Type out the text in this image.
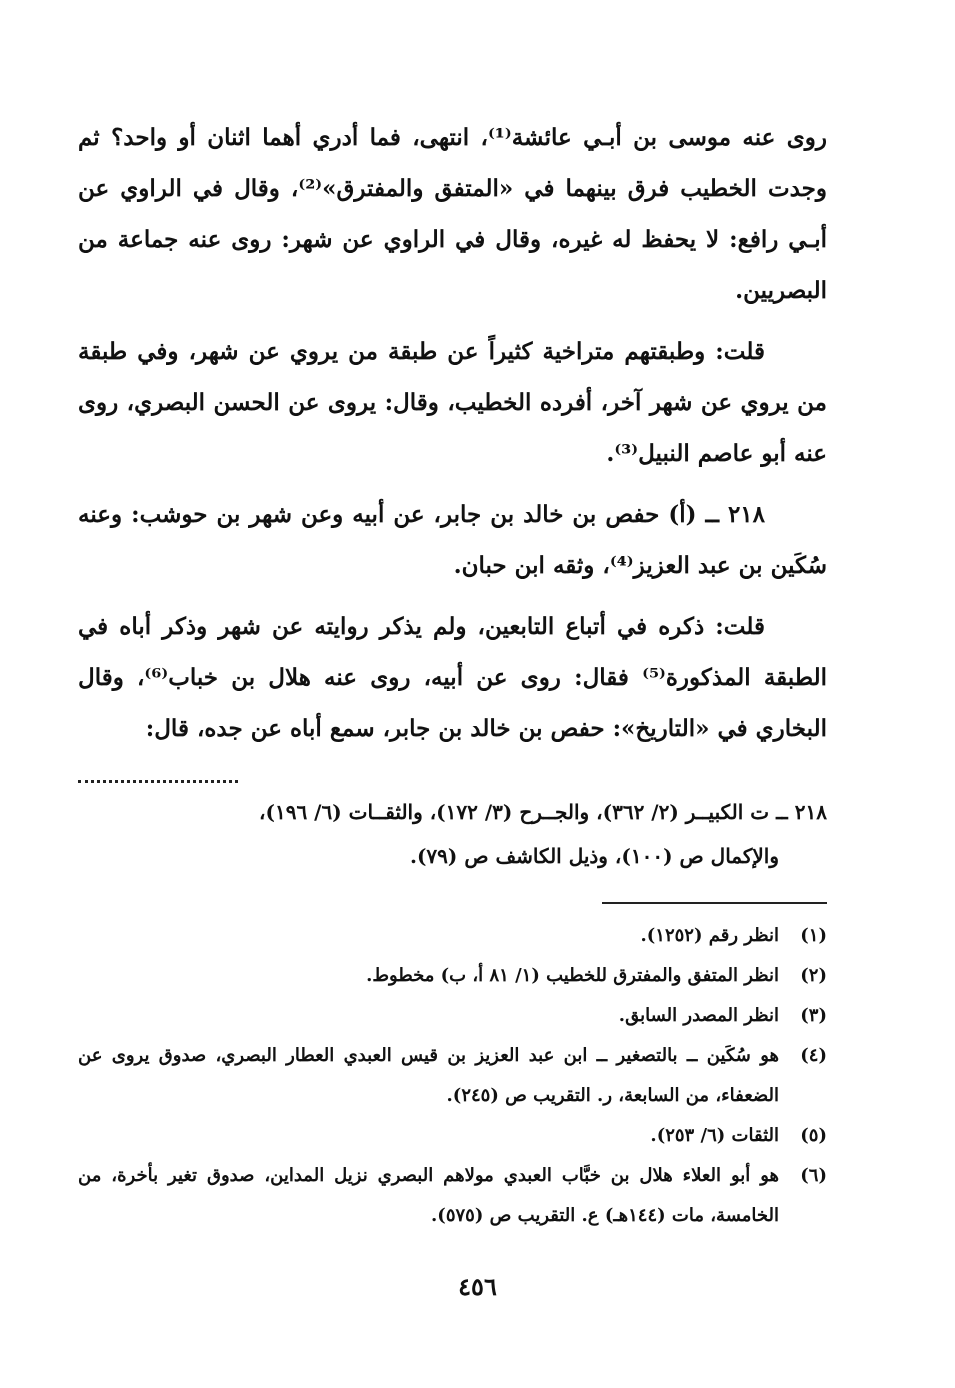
روى عنه موسى بن أبـي عائشة⁽¹⁾، انتهى، فما أدري أهما اثنان أو واحد؟ ثم وجدت الخطيب فرق بينهما في «المتفق والمفترق»⁽²⁾، وقال في الراوي عن أبـي رافع: لا يحفظ له غيره، وقال في الراوي عن شهر: روى عنه جماعة من البصريين.

قلت: وطبقتهم متراخية كثيراً عن طبقة من يروي عن شهر، وفي طبقة من يروي عن شهر آخر، أفرده الخطيب، وقال: يروى عن الحسن البصري، روى عنه أبو عاصم النبيل⁽³⁾.

٢١٨ ــ (أ) حفص بن خالد بن جابر، عن أبيه وعن شهر بن حوشب: وعنه سُكَين بن عبد العزيز⁽⁴⁾، وثقه ابن حبان.

قلت: ذكره في أتباع التابعين، ولم يذكر روايته عن شهر وذكر أباه في الطبقة المذكورة⁽⁵⁾ فقال: روى عن أبيه، روى عنه هلال بن خباب⁽⁶⁾، وقال البخاري في «التاريخ»: حفص بن خالد بن جابر، سمع أباه عن جده، قال:

٢١٨ ــ ت الكبيــر (٢/ ٣٦٢)، والجــرح (٣/ ١٧٢)، والثقــات (٦/ ١٩٦)،

والإكمال ص (١٠٠)، وذيل الكاشف ص (٧٩).

(١)
انظر رقم (١٢٥٢).
(٢)
انظر المتفق والمفترق للخطيب (١/ ٨١ أ، ب) مخطوط.
(٣)
انظر المصدر السابق.
(٤)
هو سُكَين ــ بالتصغير ــ ابن عبد العزيز بن قيس العبدي العطار البصري، صدوق يروى عن الضعفاء، من السابعة، ر. التقريب ص (٢٤٥).
(٥)
الثقات (٦/ ٢٥٣).
(٦)
هو أبو العلاء هلال بن خبَّاب العبدي مولاهم البصري نزيل المداين، صدوق تغير بأخرة، من الخامسة، مات (١٤٤هـ) ع. التقريب ص (٥٧٥).
٤٥٦
